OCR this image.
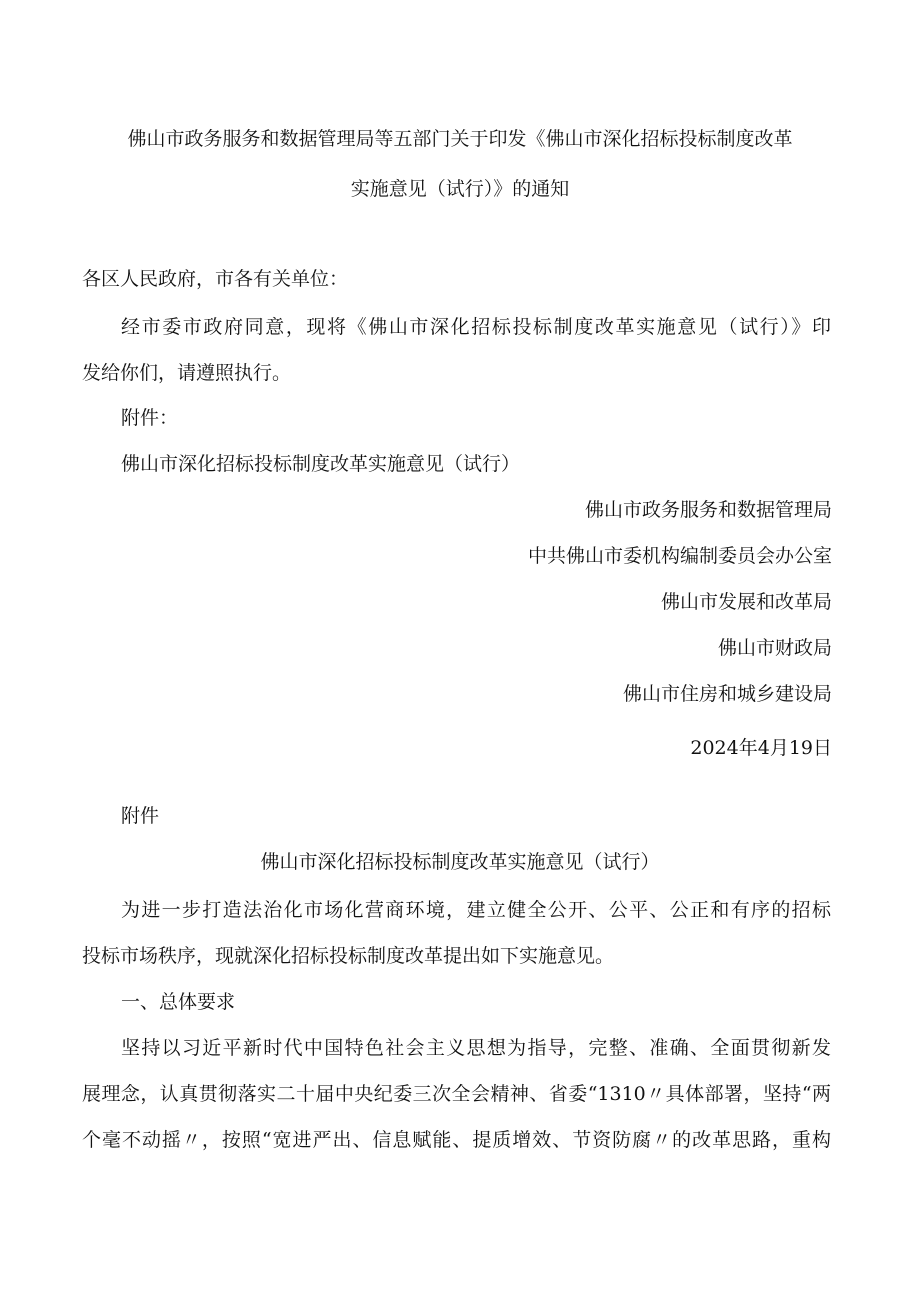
佛山市政务服务和数据管理局等五部门关于印发《佛山市深化招标投标制度改革

实施意见（试行）》的通知

各区人民政府，市各有关单位：

经市委市政府同意，现将《佛山市深化招标投标制度改革实施意见（试行）》印

发给你们，请遵照执行。

附件：

佛山市深化招标投标制度改革实施意见（试行）

佛山市政务服务和数据管理局

中共佛山市委机构编制委员会办公室

佛山市发展和改革局

佛山市财政局

佛山市住房和城乡建设局

2024年4月19日

附件

佛山市深化招标投标制度改革实施意见（试行）

为进一步打造法治化市场化营商环境，建立健全公开、公平、公正和有序的招标

投标市场秩序，现就深化招标投标制度改革提出如下实施意见。

一、总体要求

坚持以习近平新时代中国特色社会主义思想为指导，完整、准确、全面贯彻新发

展理念，认真贯彻落实二十届中央纪委三次全会精神、省委“1310〃具体部署，坚持“两

个毫不动摇〃，按照“宽进严出、信息赋能、提质增效、节资防腐〃的改革思路，重构
